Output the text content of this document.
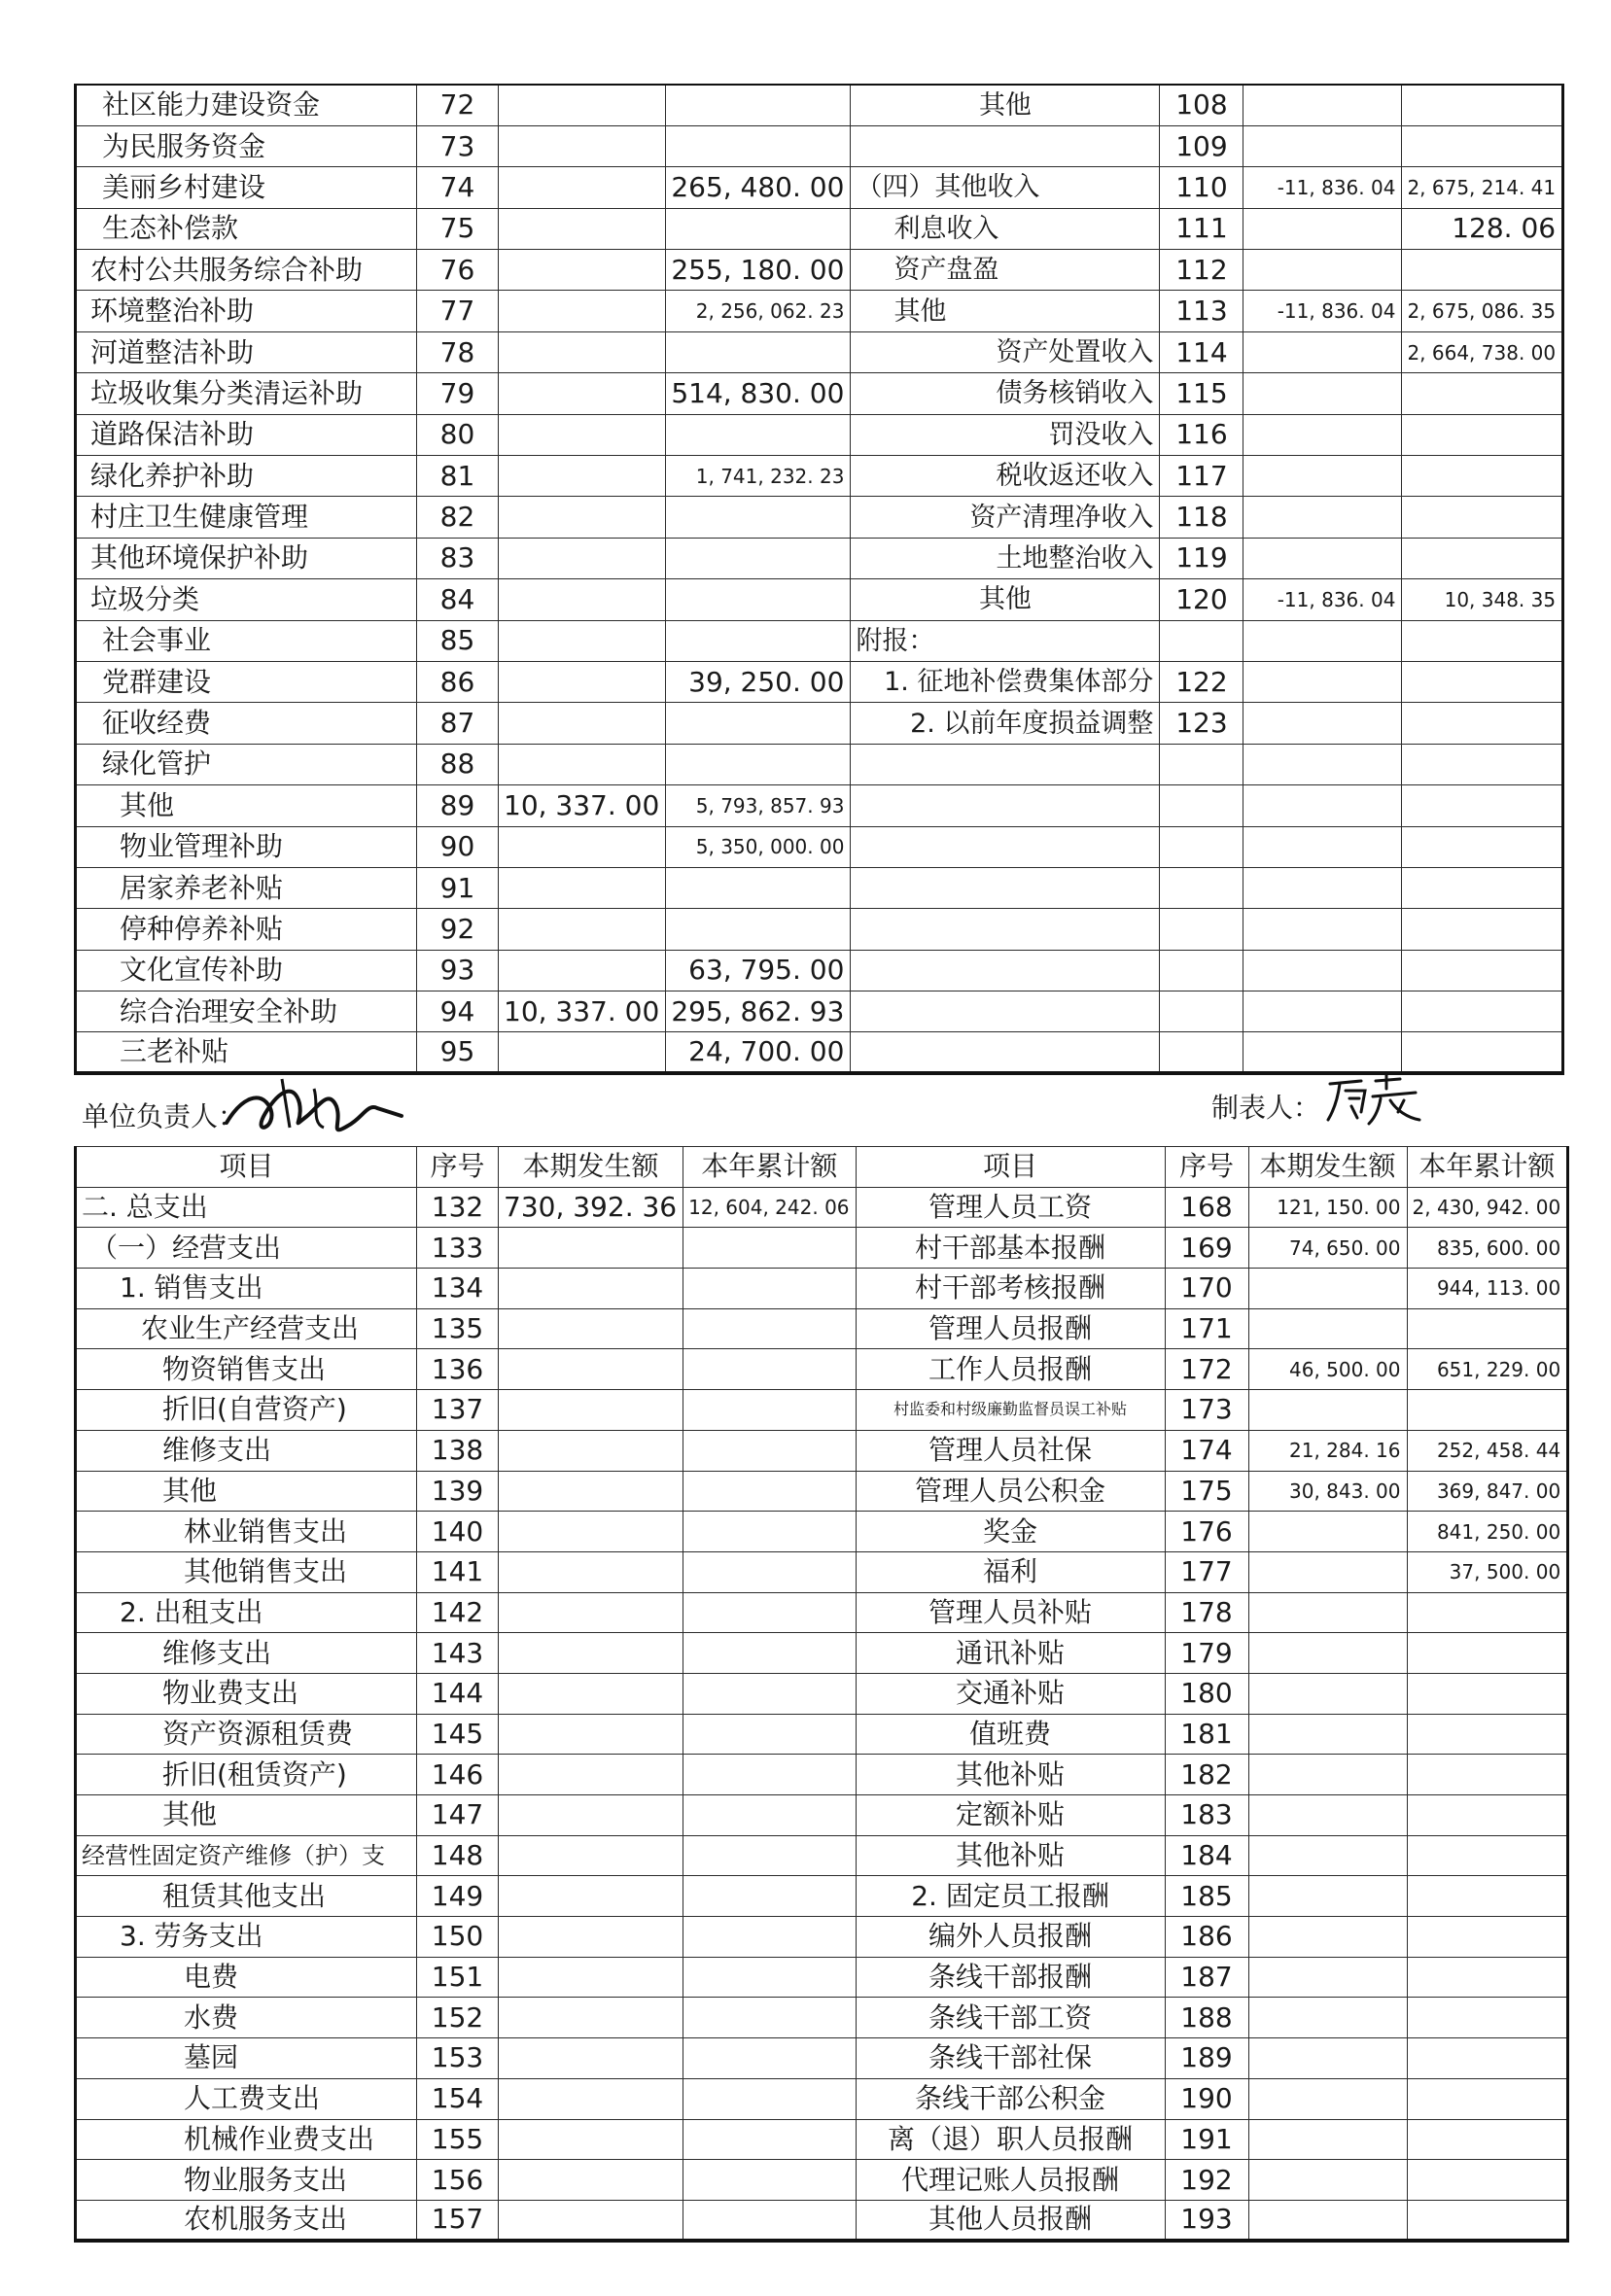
社区能力建设资金	72			其他	108		
为民服务资金	73				109		
美丽乡村建设	74		265, 480. 00	（四）其他收入	110	-11, 836. 04	2, 675, 214. 41
生态补偿款	75			利息收入	111		128. 06
农村公共服务综合补助	76		255, 180. 00	资产盘盈	112		
环境整治补助	77		2, 256, 062. 23	其他	113	-11, 836. 04	2, 675, 086. 35
河道整洁补助	78			资产处置收入	114		2, 664, 738. 00
垃圾收集分类清运补助	79		514, 830. 00	债务核销收入	115		
道路保洁补助	80			罚没收入	116		
绿化养护补助	81		1, 741, 232. 23	税收返还收入	117		
村庄卫生健康管理	82			资产清理净收入	118		
其他环境保护补助	83			土地整治收入	119		
垃圾分类	84			其他	120	-11, 836. 04	10, 348. 35
社会事业	85			附报：			
党群建设	86		39, 250. 00	1. 征地补偿费集体部分	122		
征收经费	87			2. 以前年度损益调整	123		
绿化管护	88						
其他	89	10, 337. 00	5, 793, 857. 93				
物业管理补助	90		5, 350, 000. 00				
居家养老补贴	91						
停种停养补贴	92						
文化宣传补助	93		63, 795. 00				
综合治理安全补助	94	10, 337. 00	295, 862. 93				
三老补贴	95		24, 700. 00				
单位负责人：	制表人：
项目	序号	本期发生额	本年累计额	项目	序号	本期发生额	本年累计额
二. 总支出	132	730, 392. 36	12, 604, 242. 06	管理人员工资	168	121, 150. 00	2, 430, 942. 00
（一）经营支出	133			村干部基本报酬	169	74, 650. 00	835, 600. 00
1. 销售支出	134			村干部考核报酬	170		944, 113. 00
农业生产经营支出	135			管理人员报酬	171		
物资销售支出	136			工作人员报酬	172	46, 500. 00	651, 229. 00
折旧(自营资产)	137			村监委和村级廉勤监督员误工补贴	173		
维修支出	138			管理人员社保	174	21, 284. 16	252, 458. 44
其他	139			管理人员公积金	175	30, 843. 00	369, 847. 00
林业销售支出	140			奖金	176		841, 250. 00
其他销售支出	141			福利	177		37, 500. 00
2. 出租支出	142			管理人员补贴	178		
维修支出	143			通讯补贴	179		
物业费支出	144			交通补贴	180		
资产资源租赁费	145			值班费	181		
折旧(租赁资产)	146			其他补贴	182		
其他	147			定额补贴	183		
经营性固定资产维修（护）支	148			其他补贴	184		
租赁其他支出	149			2. 固定员工报酬	185		
3. 劳务支出	150			编外人员报酬	186		
电费	151			条线干部报酬	187		
水费	152			条线干部工资	188		
墓园	153			条线干部社保	189		
人工费支出	154			条线干部公积金	190		
机械作业费支出	155			离（退）职人员报酬	191		
物业服务支出	156			代理记账人员报酬	192		
农机服务支出	157			其他人员报酬	193		
